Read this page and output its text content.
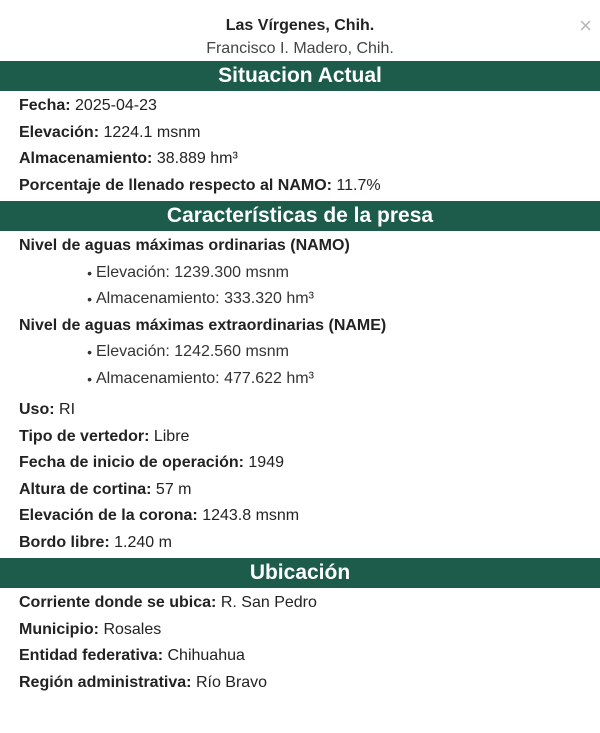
×
Las Vírgenes, Chih.
Francisco I. Madero, Chih.
Situacion Actual
Fecha: 2025-04-23
Elevación: 1224.1 msnm
Almacenamiento: 38.889 hm³
Porcentaje de llenado respecto al NAMO: 11.7%
Características de la presa
Nivel de aguas máximas ordinarias (NAMO)
• Elevación: 1239.300 msnm
• Almacenamiento: 333.320 hm³
Nivel de aguas máximas extraordinarias (NAME)
• Elevación: 1242.560 msnm
• Almacenamiento: 477.622 hm³
Uso: RI
Tipo de vertedor: Libre
Fecha de inicio de operación: 1949
Altura de cortina: 57 m
Elevación de la corona: 1243.8 msnm
Bordo libre: 1.240 m
Ubicación
Corriente donde se ubica: R. San Pedro
Municipio: Rosales
Entidad federativa: Chihuahua
Región administrativa: Río Bravo
